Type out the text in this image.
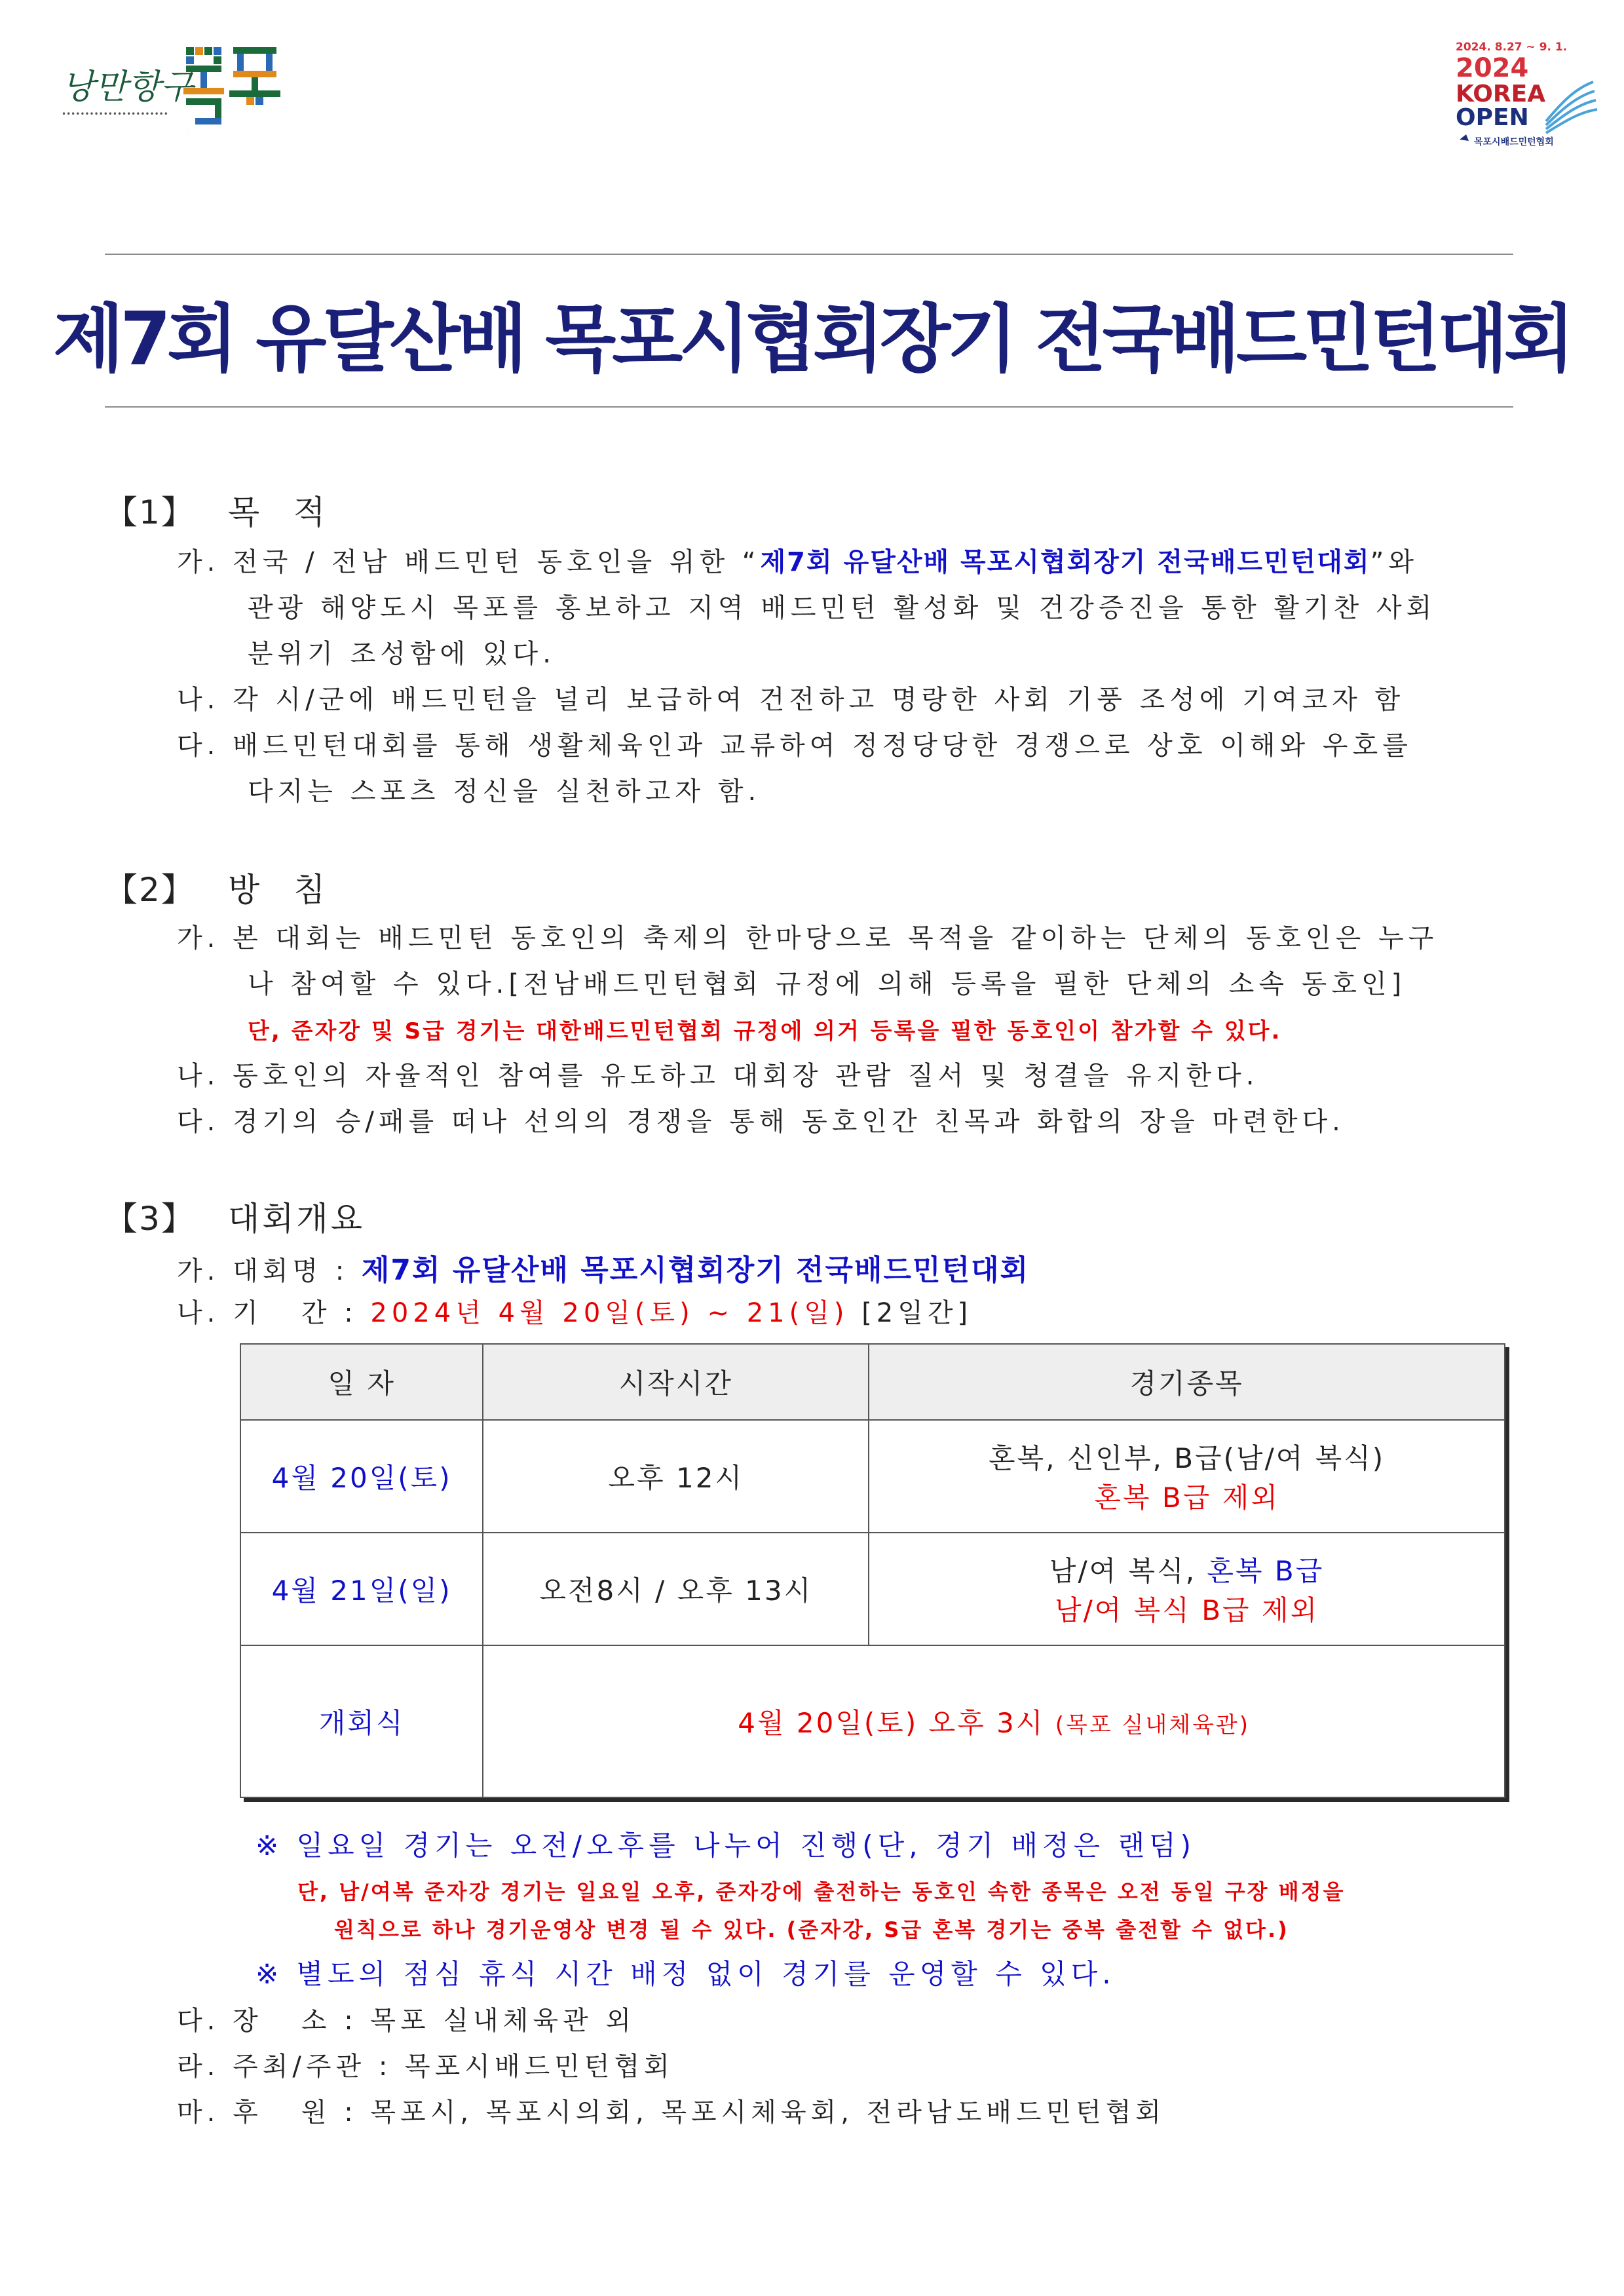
낭만항구
•••••••••••••••••••••••
2024. 8.27 ~ 9. 1.
2024
KOREA
OPEN
목포시배드민턴협회
제7회 유달산배 목포시협회장기 전국배드민턴대회
【1】 목 적
가. 전국 / 전남 배드민턴 동호인을 위한 “제7회 유달산배 목포시협회장기 전국배드민턴대회”와
관광 해양도시 목포를 홍보하고 지역 배드민턴 활성화 및 건강증진을 통한 활기찬 사회
분위기 조성함에 있다.
나. 각 시/군에 배드민턴을 널리 보급하여 건전하고 명랑한 사회 기풍 조성에 기여코자 함
다. 배드민턴대회를 통해 생활체육인과 교류하여 정정당당한 경쟁으로 상호 이해와 우호를
다지는 스포츠 정신을 실천하고자 함.
【2】 방 침
가. 본 대회는 배드민턴 동호인의 축제의 한마당으로 목적을 같이하는 단체의 동호인은 누구
나 참여할 수 있다.[전남배드민턴협회 규정에 의해 등록을 필한 단체의 소속 동호인]
단, 준자강 및 S급 경기는 대한배드민턴협회 규정에 의거 등록을 필한 동호인이 참가할 수 있다.
나. 동호인의 자율적인 참여를 유도하고 대회장 관람 질서 및 청결을 유지한다.
다. 경기의 승/패를 떠나 선의의 경쟁을 통해 동호인간 친목과 화합의 장을 마련한다.
【3】 대회개요
가. 대회명 : 제7회 유달산배 목포시협회장기 전국배드민턴대회
나. 기   간 : 2024년 4월 20일(토) ~ 21(일) [2일간]
일 자	시작시간	경기종목
4월 20일(토)	오후 12시	혼복, 신인부, B급(남/여 복식)
혼복 B급 제외

4월 21일(일)	오전8시 / 오후 13시	남/여 복식, 혼복 B급
남/여 복식 B급 제외

개회식	4월 20일(토) 오후 3시 (목포 실내체육관)	
※ 일요일 경기는 오전/오후를 나누어 진행(단, 경기 배정은 랜덤)
단, 남/여복 준자강 경기는 일요일 오후, 준자강에 출전하는 동호인 속한 종목은 오전 동일 구장 배정을
원칙으로 하나 경기운영상 변경 될 수 있다. (준자강, S급 혼복 경기는 중복 출전할 수 없다.)
※ 별도의 점심 휴식 시간 배정 없이 경기를 운영할 수 있다.
다. 장   소 : 목포 실내체육관 외
라. 주최/주관 : 목포시배드민턴협회
마. 후   원 : 목포시, 목포시의회, 목포시체육회, 전라남도배드민턴협회
